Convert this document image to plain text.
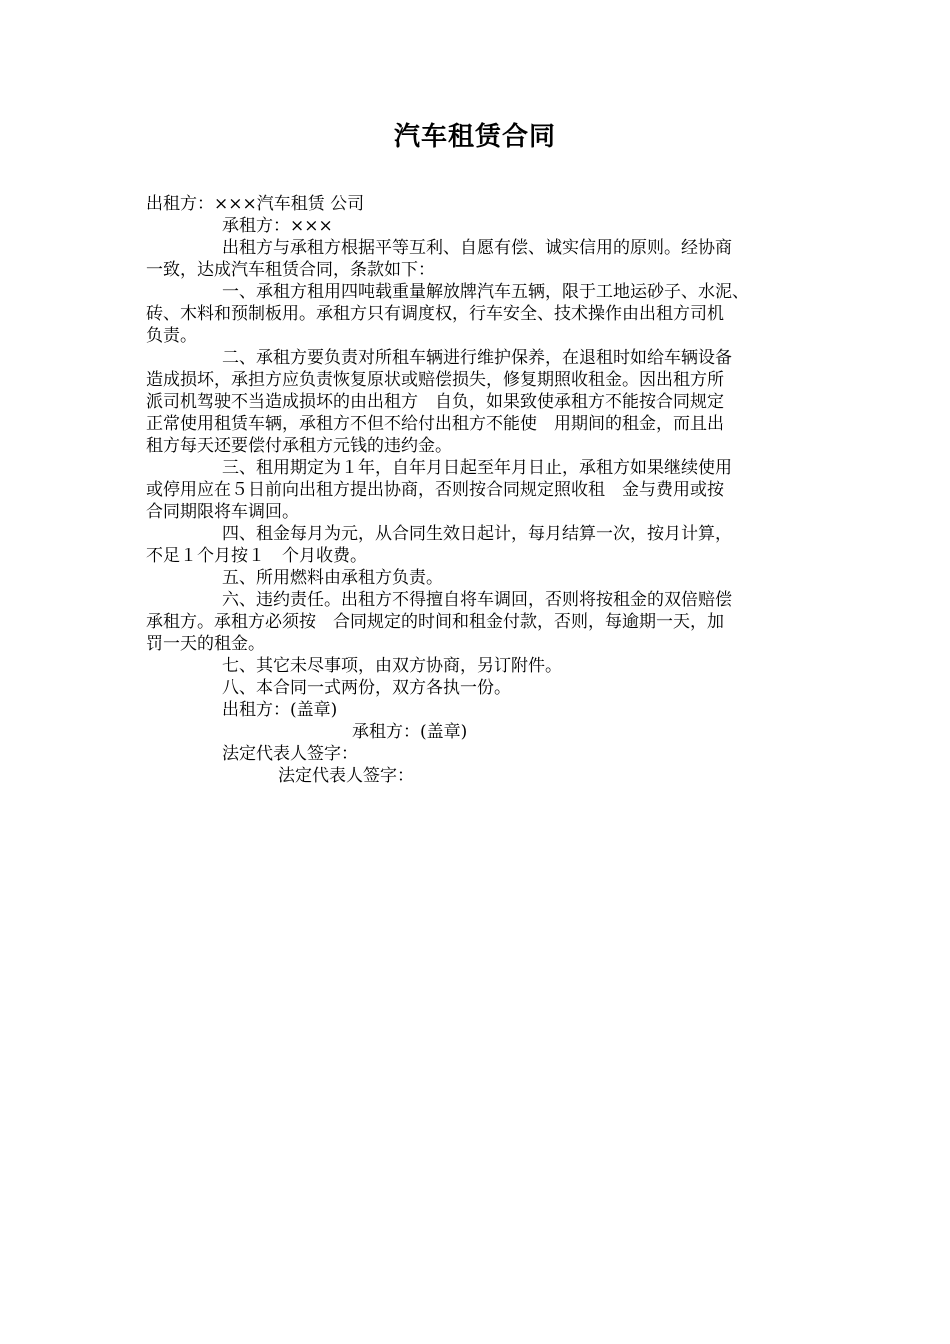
汽车租赁合同
出租方：×××汽车租赁 公司
承租方：×××
出租方与承租方根据平等互利、自愿有偿、诚实信用的原则。经协商
一致，达成汽车租赁合同，条款如下：
一、承租方租用四吨载重量解放牌汽车五辆，限于工地运砂子、水泥、
砖、木料和预制板用。承租方只有调度权，行车安全、技术操作由出租方司机
负责。
二、承租方要负责对所租车辆进行维护保养，在退租时如给车辆设备
造成损坏，承担方应负责恢复原状或赔偿损失，修复期照收租金。因出租方所
派司机驾驶不当造成损坏的由出租方　自负，如果致使承租方不能按合同规定
正常使用租赁车辆，承租方不但不给付出租方不能使　用期间的租金，而且出
租方每天还要偿付承租方元钱的违约金。
三、租用期定为１年，自年月日起至年月日止，承租方如果继续使用
或停用应在５日前向出租方提出协商，否则按合同规定照收租　金与费用或按
合同期限将车调回。
四、租金每月为元，从合同生效日起计，每月结算一次，按月计算，
不足１个月按１　个月收费。
五、所用燃料由承租方负责。
六、违约责任。出租方不得擅自将车调回，否则将按租金的双倍赔偿
承租方。承租方必须按　合同规定的时间和租金付款，否则，每逾期一天，加
罚一天的租金。
七、其它未尽事项，由双方协商，另订附件。
八、本合同一式两份，双方各执一份。
出租方：(盖章)
承租方：(盖章)
法定代表人签字：
法定代表人签字：
